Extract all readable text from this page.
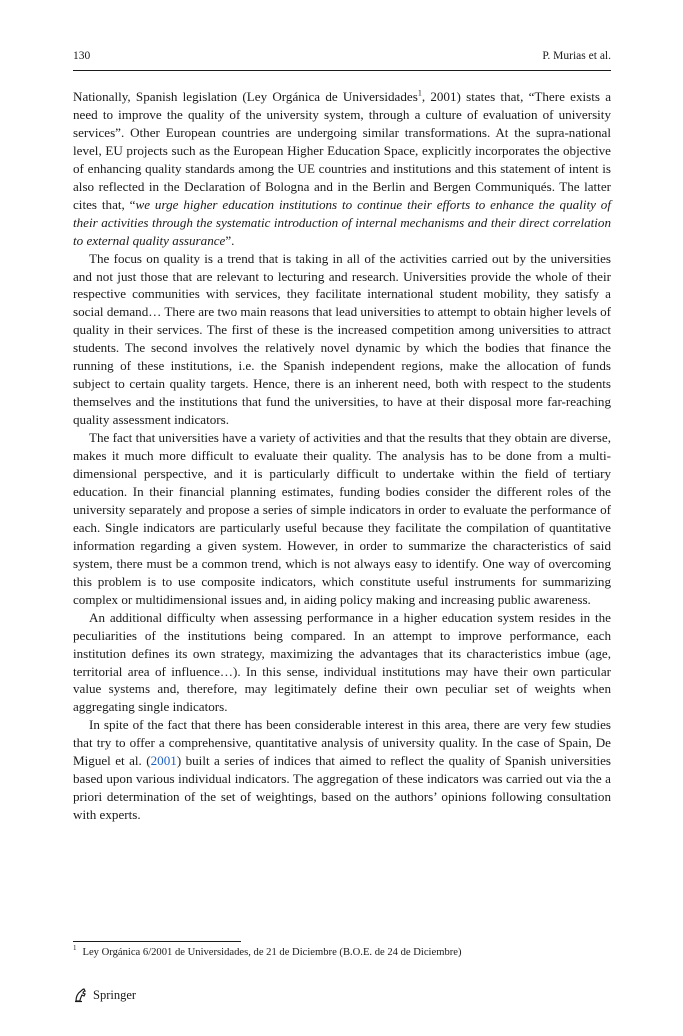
130	P. Murias et al.

Nationally, Spanish legislation (Ley Orgánica de Universidades$^1$, 2001) states that, “There exists a need to improve the quality of the university system, through a culture of evaluation of university services”. Other European countries are undergoing similar transformations. At the supra-national level, EU projects such as the European Higher Education Space, explicitly incorporates the objective of enhancing quality standards among the UE countries and institutions and this statement of intent is also reflected in the Declaration of Bologna and in the Berlin and Bergen Communiqués. The latter cites that, “we urge higher education institutions to continue their efforts to enhance the quality of their activities through the systematic introduction of internal mechanisms and their direct correlation to external quality assurance”.

The focus on quality is a trend that is taking in all of the activities carried out by the universities and not just those that are relevant to lecturing and research. Universities provide the whole of their respective communities with services, they facilitate international student mobility, they satisfy a social demand… There are two main reasons that lead universities to attempt to obtain higher levels of quality in their services. The first of these is the increased competition among universities to attract students. The second involves the relatively novel dynamic by which the bodies that finance the running of these institutions, i.e. the Spanish independent regions, make the allocation of funds subject to certain quality targets. Hence, there is an inherent need, both with respect to the students themselves and the institutions that fund the universities, to have at their disposal more far-reaching quality assessment indicators.

The fact that universities have a variety of activities and that the results that they obtain are diverse, makes it much more difficult to evaluate their quality. The analysis has to be done from a multi-dimensional perspective, and it is particularly difficult to undertake within the field of tertiary education. In their financial planning estimates, funding bodies consider the different roles of the university separately and propose a series of simple indicators in order to evaluate the performance of each. Single indicators are particularly useful because they facilitate the compilation of quantitative information regarding a given system. However, in order to summarize the characteristics of said system, there must be a common trend, which is not always easy to identify. One way of overcoming this problem is to use composite indicators, which constitute useful instruments for summarizing complex or multidimensional issues and, in aiding policy making and increasing public awareness.

An additional difficulty when assessing performance in a higher education system resides in the peculiarities of the institutions being compared. In an attempt to improve performance, each institution defines its own strategy, maximizing the advantages that its characteristics imbue (age, territorial area of influence…). In this sense, individual institutions may have their own particular value systems and, therefore, may legitimately define their own peculiar set of weights when aggregating single indicators.

In spite of the fact that there has been considerable interest in this area, there are very few studies that try to offer a comprehensive, quantitative analysis of university quality. In the case of Spain, De Miguel et al. (2001) built a series of indices that aimed to reflect the quality of Spanish universities based upon various individual indicators. The aggregation of these indicators was carried out via the a priori determination of the set of weightings, based on the authors’ opinions following consultation with experts.

$^1$ Ley Orgánica 6/2001 de Universidades, de 21 de Diciembre (B.O.E. de 24 de Diciembre)
Springer
